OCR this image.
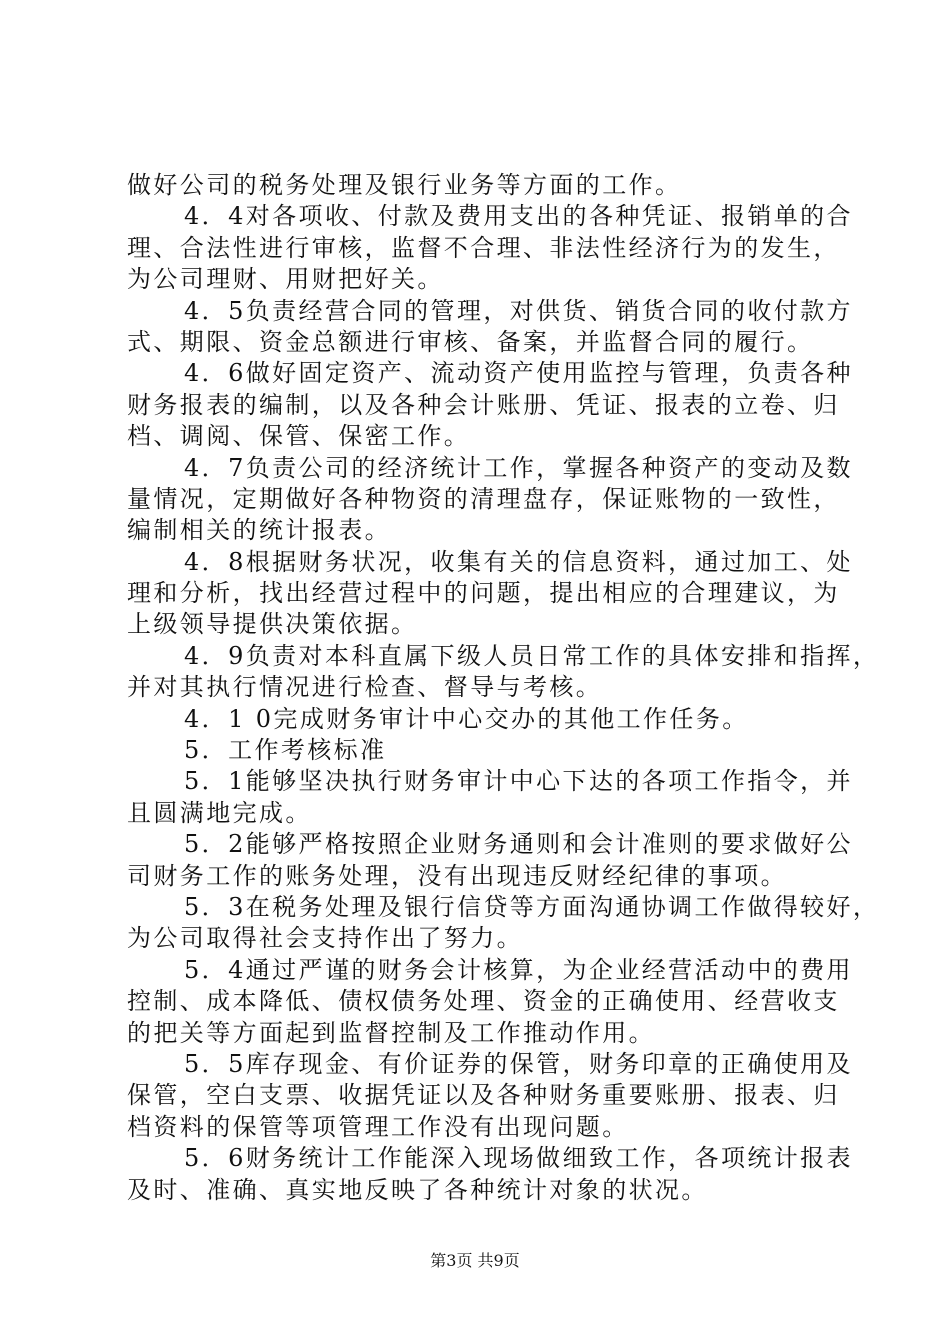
做好公司的税务处理及银行业务等方面的工作。
4．4对各项收、付款及费用支出的各种凭证、报销单的合
理、合法性进行审核，监督不合理、非法性经济行为的发生，
为公司理财、用财把好关。
4．5负责经营合同的管理，对供货、销货合同的收付款方
式、期限、资金总额进行审核、备案，并监督合同的履行。
4．6做好固定资产、流动资产使用监控与管理，负责各种
财务报表的编制，以及各种会计账册、凭证、报表的立卷、归
档、调阅、保管、保密工作。
4．7负责公司的经济统计工作，掌握各种资产的变动及数
量情况，定期做好各种物资的清理盘存，保证账物的一致性，
编制相关的统计报表。
4．8根据财务状况，收集有关的信息资料，通过加工、处
理和分析，找出经营过程中的问题，提出相应的合理建议，为
上级领导提供决策依据。
4．9负责对本科直属下级人员日常工作的具体安排和指挥，
并对其执行情况进行检查、督导与考核。
4．1 0完成财务审计中心交办的其他工作任务。
5．工作考核标准
5．1能够坚决执行财务审计中心下达的各项工作指令，并
且圆满地完成。
5．2能够严格按照企业财务通则和会计准则的要求做好公
司财务工作的账务处理，没有出现违反财经纪律的事项。
5．3在税务处理及银行信贷等方面沟通协调工作做得较好，
为公司取得社会支持作出了努力。
5．4通过严谨的财务会计核算，为企业经营活动中的费用
控制、成本降低、债权债务处理、资金的正确使用、经营收支
的把关等方面起到监督控制及工作推动作用。
5．5库存现金、有价证券的保管，财务印章的正确使用及
保管，空白支票、收据凭证以及各种财务重要账册、报表、归
档资料的保管等项管理工作没有出现问题。
5．6财务统计工作能深入现场做细致工作，各项统计报表
及时、准确、真实地反映了各种统计对象的状况。
第3页 共9页
